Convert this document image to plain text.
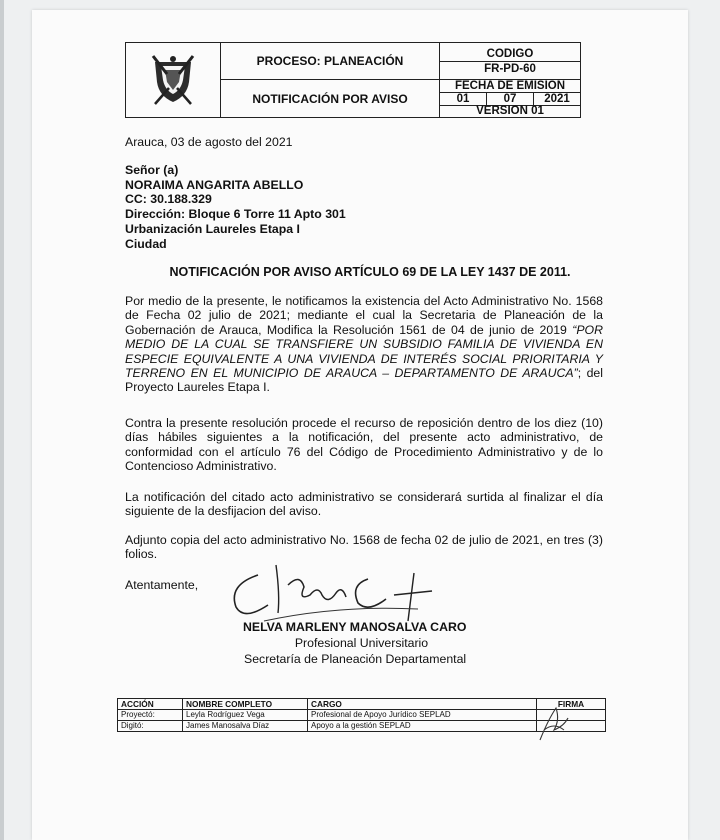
	PROCESO: PLANEACIÓN	CODIGO
FR-PD-60

	NOTIFICACIÓN POR AVISO	FECHA DE EMISION
01 07 2021
VERSION 01
Arauca, 03 de agosto del 2021
Señor (a)
NORAIMA ANGARITA ABELLO
CC: 30.188.329
Dirección: Bloque 6 Torre 11 Apto 301
Urbanización Laureles Etapa I
Ciudad
NOTIFICACIÓN POR AVISO ARTÍCULO 69 DE LA LEY 1437 DE 2011.
Por medio de la presente, le notificamos la existencia del Acto Administrativo No. 1568 de Fecha 02 julio de 2021; mediante el cual la Secretaria de Planeación de la Gobernación de Arauca, Modifica la Resolución 1561 de 04 de junio de 2019 “POR MEDIO DE LA CUAL SE TRANSFIERE UN SUBSIDIO FAMILIA DE VIVIENDA EN ESPECIE EQUIVALENTE A UNA VIVIENDA DE INTERÉS SOCIAL PRIORITARIA Y TERRENO EN EL MUNICIPIO DE ARAUCA – DEPARTAMENTO DE ARAUCA”; del Proyecto Laureles Etapa I.
Contra la presente resolución procede el recurso de reposición dentro de los diez (10) días hábiles siguientes a la notificación, del presente acto administrativo, de conformidad con el artículo 76 del Código de Procedimiento Administrativo y de lo Contencioso Administrativo.
La notificación del citado acto administrativo se considerará surtida al finalizar el día siguiente de la desfijacion del aviso.
Adjunto copia del acto administrativo No. 1568 de fecha 02 de julio de 2021, en tres (3) folios.
Atentamente,
NELVA MARLENY MANOSALVA CARO
Profesional Universitario
Secretaría de Planeación Departamental
ACCIÓN	NOMBRE COMPLETO	CARGO	FIRMA
Proyectó:	Leyla Rodríguez Vega	Profesional de Apoyo Jurídico SEPLAD	
Digitó:	James Manosalva Díaz	Apoyo a la gestión SEPLAD	
